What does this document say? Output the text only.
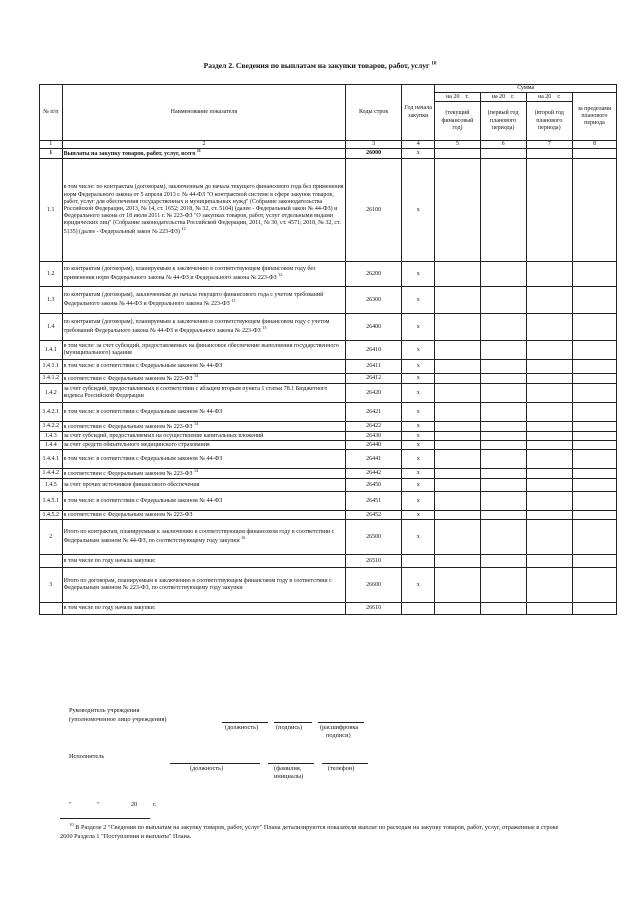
Раздел 2. Сведения по выплатам на закупки товаров, работ, услуг $^{10}$
№ п/п	Наименование показателя	Коды строк	Год начала закупки	Сумма			
				на 20 г.	на 20 г.	на 20 г.	за пределами планового периода
				(текущий финансовый год)	(первый год планового периода)	(второй год планового периода)	
1	2	3	4	5	6	7	8
1	Выплаты на закупку товаров, работ, услуг, всего $^{11}$	26000	х				
1.1	в том числе: по контрактам (договорам), заключенным до начала текущего финансового года без применения норм Федерального закона от 5 апреля 2013 г. № 44-ФЗ "О контрактной системе в сфере закупок товаров, работ, услуг для обеспечения государственных и муниципальных нужд" (Собрание законодательства Российской Федерации, 2013, № 14, ст. 1652; 2018, № 32, ст. 5104) (далее - Федеральный закон № 44-ФЗ) и Федерального закона от 18 июля 2011 г. № 223-ФЗ "О закупках товаров, работ, услуг отдельными видами юридических лиц" (Собрание законодательства Российской Федерации, 2011, № 30, ст. 4571; 2018, № 32, ст. 5135) (далее - Федеральный закон № 223-ФЗ) $^{12}$	26100	х				
1.2	по контрактам (договорам), планируемым к заключению в соответствующем финансовом году без применения норм Федерального закона № 44-ФЗ и Федерального закона № 223-ФЗ $^{12}$	26200	х				
1.3	по контрактам (договорам), заключенным до начала текущего финансового года с учетом требований Федерального закона № 44-ФЗ и Федерального закона № 223-ФЗ $^{13}$	26300	х				
1.4	по контрактам (договорам), планируемым к заключению в соответствующем финансовом году с учетом требований Федерального закона № 44-ФЗ и Федерального закона № 223-ФЗ $^{13}$	26400	х				
1.4.1	в том числе: за счет субсидий, предоставляемых на финансовое обеспечение выполнения государственного (муниципального) задания	26410	х				
1.4.1.1	в том числе: в соответствии с Федеральным законом № 44-ФЗ	26411	х				
1.4.1.2	в соответствии с Федеральным законом № 223-ФЗ $^{14}$	26412	х				
1.4.2	за счет субсидий, предоставляемых в соответствии с абзацем вторым пункта 1 статьи 78.1 Бюджетного кодекса Российской Федерации	26420	х				
1.4.2.1	в том числе: в соответствии с Федеральным законом № 44-ФЗ	26421	х				
1.4.2.2	в соответствии с Федеральным законом № 223-ФЗ $^{14}$	26422	х				
1.4.3	за счет субсидий, предоставляемых на осуществление капитальных вложений	26430	х				
1.4.4	за счет средств обязательного медицинского страхования	26440	х				
1.4.4.1	в том числе: в соответствии с Федеральным законом № 44-ФЗ	26441	х				
1.4.4.2	в соответствии с Федеральным законом № 223-ФЗ $^{14}$	26442	х				
1.4.5	за счет прочих источников финансового обеспечения	26450	х				
1.4.5.1	в том числе: в соответствии с Федеральным законом № 44-ФЗ	26451	х				
1.4.5.2	в соответствии с Федеральным законом № 223-ФЗ	26452	х				
2	Итого по контрактам, планируемым к заключению в соответствующем финансовом году в соответствии с Федеральным законом № 44-ФЗ, по соответствующему году закупки $^{16}$	26500	х				
	в том числе по году начала закупки:	26510					
3	Итого по договорам, планируемым к заключению в соответствующем финансовом году в соответствии с Федеральным законом № 223-ФЗ, по соответствующему году закупки	26600	х				
	в том числе по году начала закупки:	26610					
Руководитель учреждения
(уполномоченное лицо учреждения)
(должность)	(подпись)	(расшифровка
подписи)
Исполнитель
(должность)	(фамилия,
инициалы)
(телефон)
"	"	20 г.
$^{10}$ В Разделе 2 "Сведения по выплатам на закупку товаров, работ, услуг" Плана детализируются показатели выплат по расходам на закупку товаров, работ, услуг, отраженные в строке 2600 Раздела 1 "Поступления и выплаты" Плана.
